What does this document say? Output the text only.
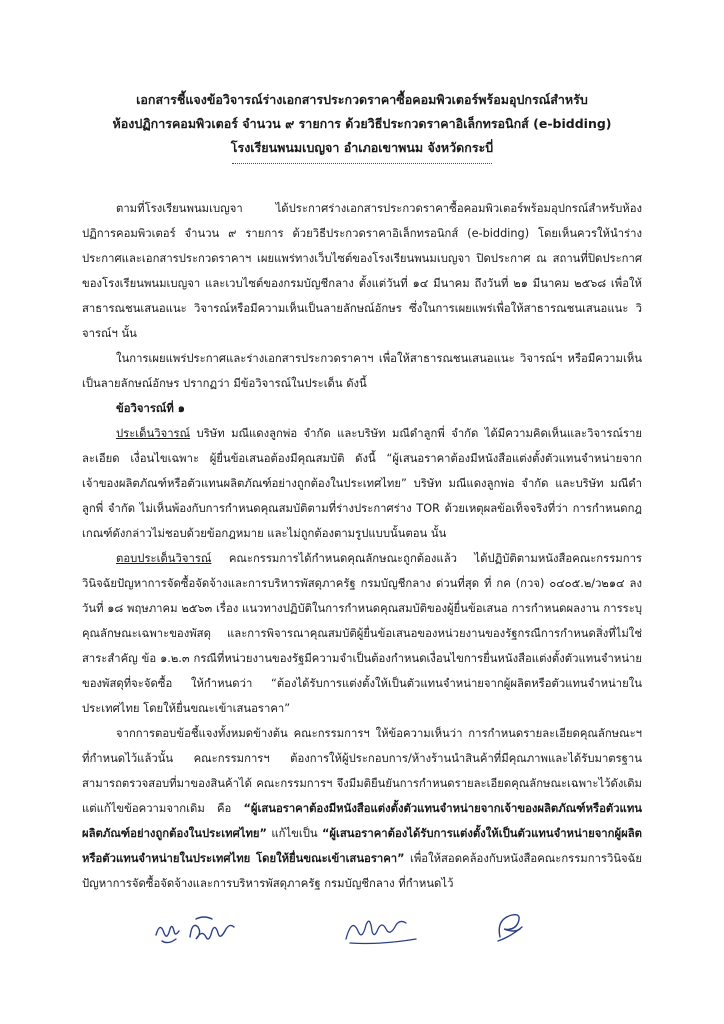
เอกสารชี้แจงข้อวิจารณ์ร่างเอกสารประกวดราคาซื้อคอมพิวเตอร์พร้อมอุปกรณ์สำหรับ
ห้องปฏิการคอมพิวเตอร์ จำนวน ๙ รายการ ด้วยวิธีประกวดราคาอิเล็กทรอนิกส์ (e-bidding)
โรงเรียนพนมเบญจา อำเภอเขาพนม จังหวัดกระบี่

ตามที่โรงเรียนพนมเบญจา ได้ประกาศร่างเอกสารประกวดราคาซื้อคอมพิวเตอร์พร้อมอุปกรณ์สำหรับห้องปฏิการคอมพิวเตอร์ จำนวน ๙ รายการ ด้วยวิธีประกวดราคาอิเล็กทรอนิกส์ (e-bidding) โดยเห็นควรให้นำร่างประกาศและเอกสารประกวดราคาฯ เผยแพร่ทางเว็บไซต์ของโรงเรียนพนมเบญจา ปิดประกาศ ณ สถานที่ปิดประกาศของโรงเรียนพนมเบญจา และเวบไซต์ของกรมบัญชีกลาง ตั้งแต่วันที่ ๑๔ มีนาคม ถึงวันที่ ๒๑ มีนาคม ๒๕๖๘ เพื่อให้สาธารณชนเสนอแนะ วิจารณ์หรือมีความเห็นเป็นลายลักษณ์อักษร ซึ่งในการเผยแพร่เพื่อให้สาธารณชนเสนอแนะ วิจารณ์ฯ นั้น

ในการเผยแพร่ประกาศและร่างเอกสารประกวดราคาฯ เพื่อให้สาธารณชนเสนอแนะ วิจารณ์ฯ หรือมีความเห็นเป็นลายลักษณ์อักษร ปรากฏว่า มีข้อวิจารณ์ในประเด็น ดังนี้

ข้อวิจารณ์ที่ ๑

ประเด็นวิจารณ์ บริษัท มณีแดงลูกพ่อ จำกัด และบริษัท มณีดำลูกพี่ จำกัด ได้มีความคิดเห็นและวิจารณ์รายละเอียด เงื่อนไขเฉพาะ ผู้ยื่นข้อเสนอต้องมีคุณสมบัติ ดังนี้ “ผู้เสนอราคาต้องมีหนังสือแต่งตั้งตัวแทนจำหน่ายจากเจ้าของผลิตภัณฑ์หรือตัวแทนผลิตภัณฑ์อย่างถูกต้องในประเทศไทย” บริษัท มณีแดงลูกพ่อ จำกัด และบริษัท มณีดำลูกพี่ จำกัด ไม่เห็นพ้องกับการกำหนดคุณสมบัติตามที่ร่างประกาศร่าง TOR ด้วยเหตุผลข้อเท็จจริงที่ว่า การกำหนดกฎเกณฑ์ดังกล่าวไม่ชอบด้วยข้อกฎหมาย และไม่ถูกต้องตามรูปแบบนั้นตอน นั้น

ตอบประเด็นวิจารณ์ คณะกรรมการได้กำหนดคุณลักษณะถูกต้องแล้ว ได้ปฏิบัติตามหนังสือคณะกรรมการวินิจฉัยปัญหาการจัดซื้อจัดจ้างและการบริหารพัสดุภาครัฐ กรมบัญชีกลาง ด่วนที่สุด ที่ กค (กวจ) ๐๔๐๕.๒/ว๒๑๔ ลงวันที่ ๑๘ พฤษภาคม ๒๕๖๓ เรื่อง แนวทางปฏิบัติในการกำหนดคุณสมบัติของผู้ยื่นข้อเสนอ การกำหนดผลงาน การระบุคุณลักษณะเฉพาะของพัสดุ และการพิจารณาคุณสมบัติผู้ยื่นข้อเสนอของหน่วยงานของรัฐกรณีการกำหนดสิ่งที่ไม่ใช่สาระสำคัญ ข้อ ๑.๒.๓ กรณีที่หน่วยงานของรัฐมีความจำเป็นต้องกำหนดเงื่อนไขการยื่นหนังสือแต่งตั้งตัวแทนจำหน่ายของพัสดุที่จะจัดซื้อ ให้กำหนดว่า “ต้องได้รับการแต่งตั้งให้เป็นตัวแทนจำหน่ายจากผู้ผลิตหรือตัวแทนจำหน่ายในประเทศไทย โดยให้ยื่นขณะเข้าเสนอราคา”

จากการตอบข้อชี้แจงทั้งหมดข้างต้น คณะกรรมการฯ ให้ข้อความเห็นว่า การกำหนดรายละเอียดคุณลักษณะฯ ที่กำหนดไว้แล้วนั้น คณะกรรมการฯ ต้องการให้ผู้ประกอบการ/ห้างร้านนำสินค้าที่มีคุณภาพและได้รับมาตรฐาน สามารถตรวจสอบที่มาของสินค้าได้ คณะกรรมการฯ จึงมีมติยืนยันการกำหนดรายละเอียดคุณลักษณะเฉพาะไว้ดังเดิม แต่แก้ไขข้อความจากเดิม คือ “ผู้เสนอราคาต้องมีหนังสือแต่งตั้งตัวแทนจำหน่ายจากเจ้าของผลิตภัณฑ์หรือตัวแทนผลิตภัณฑ์อย่างถูกต้องในประเทศไทย” แก้ไขเป็น “ผู้เสนอราคาต้องได้รับการแต่งตั้งให้เป็นตัวแทนจำหน่ายจากผู้ผลิตหรือตัวแทนจำหน่ายในประเทศไทย โดยให้ยื่นขณะเข้าเสนอราคา” เพื่อให้สอดคล้องกับหนังสือคณะกรรมการวินิจฉัยปัญหาการจัดซื้อจัดจ้างและการบริหารพัสดุภาครัฐ กรมบัญชีกลาง ที่กำหนดไว้
